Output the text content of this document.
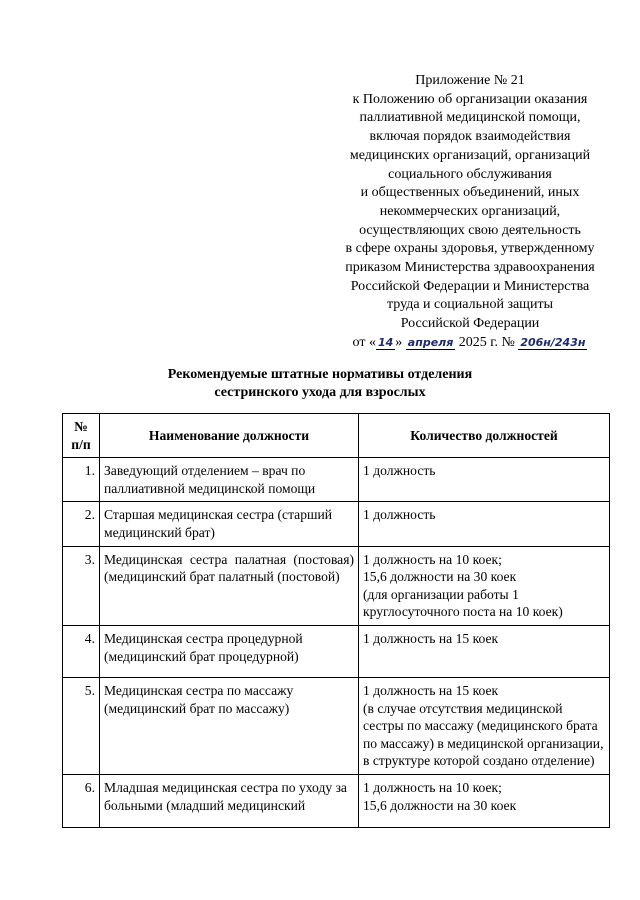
Приложение № 21
к Положению об организации оказания
паллиативной медицинской помощи,
включая порядок взаимодействия
медицинских организаций, организаций
социального обслуживания
и общественных объединений, иных
некоммерческих организаций,
осуществляющих свою деятельность
в сфере охраны здоровья, утвержденному
приказом Министерства здравоохранения
Российской Федерации и Министерства
труда и социальной защиты
Российской Федерации
от « 14 » апреля 2025 г. № 206н/243н
Рекомендуемые штатные нормативы отделения
сестринского ухода для взрослых
№ п/п	Наименование должности	Количество должностей
1.	Заведующий отделением – врач по паллиативной медицинской помощи	1 должность

2.	Старшая медицинская сестра (старший медицинский брат)	1 должность

3.	Медицинская сестра палатная (постовая) (медицинский брат палатный (постовой)	1 должность на 10 коек;
15,6 должности на 30 коек
(для организации работы 1 круглосуточного поста на 10 коек)

4.	Медицинская сестра процедурной (медицинский брат процедурной)	1 должность на 15 коек

5.	Медицинская сестра по массажу (медицинский брат по массажу)	1 должность на 15 коек
(в случае отсутствия медицинской сестры по массажу (медицинского брата по массажу) в медицинской организации, в структуре которой создано отделение)

6.	Младшая медицинская сестра по уходу за больными (младший медицинский	1 должность на 10 коек;
15,6 должности на 30 коек
